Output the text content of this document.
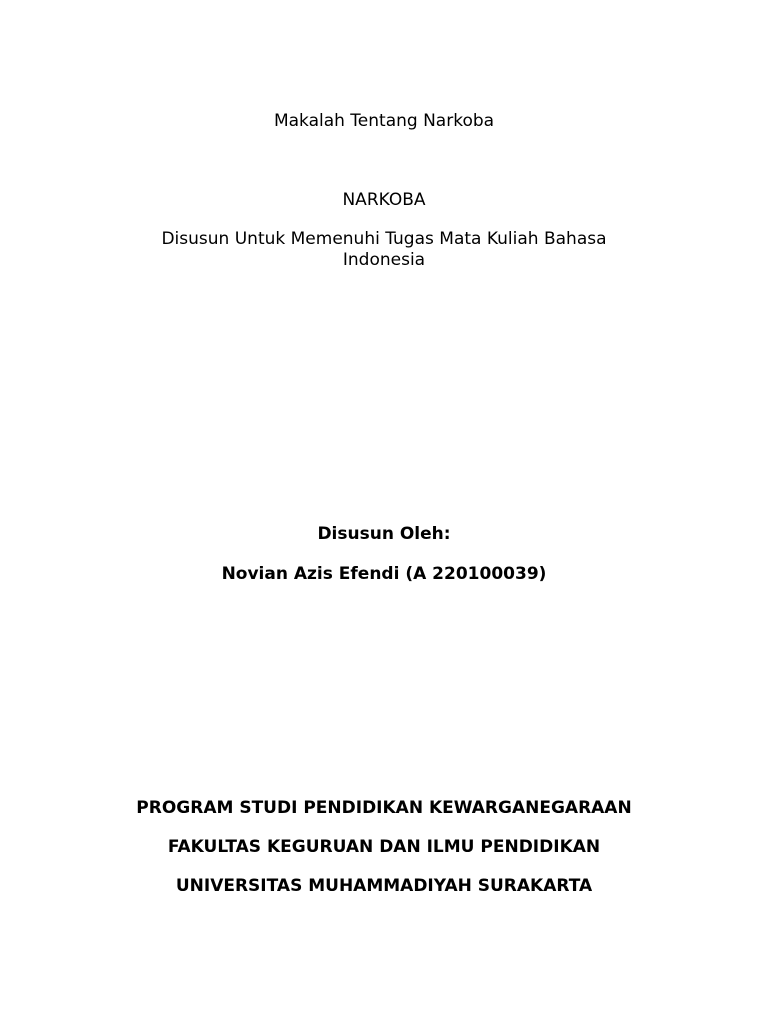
Makalah Tentang Narkoba
NARKOBA
Disusun Untuk Memenuhi Tugas Mata Kuliah Bahasa
Indonesia
Disusun Oleh:
Novian Azis Efendi (A 220100039)
PROGRAM STUDI PENDIDIKAN KEWARGANEGARAAN
FAKULTAS KEGURUAN DAN ILMU PENDIDIKAN
UNIVERSITAS MUHAMMADIYAH SURAKARTA
